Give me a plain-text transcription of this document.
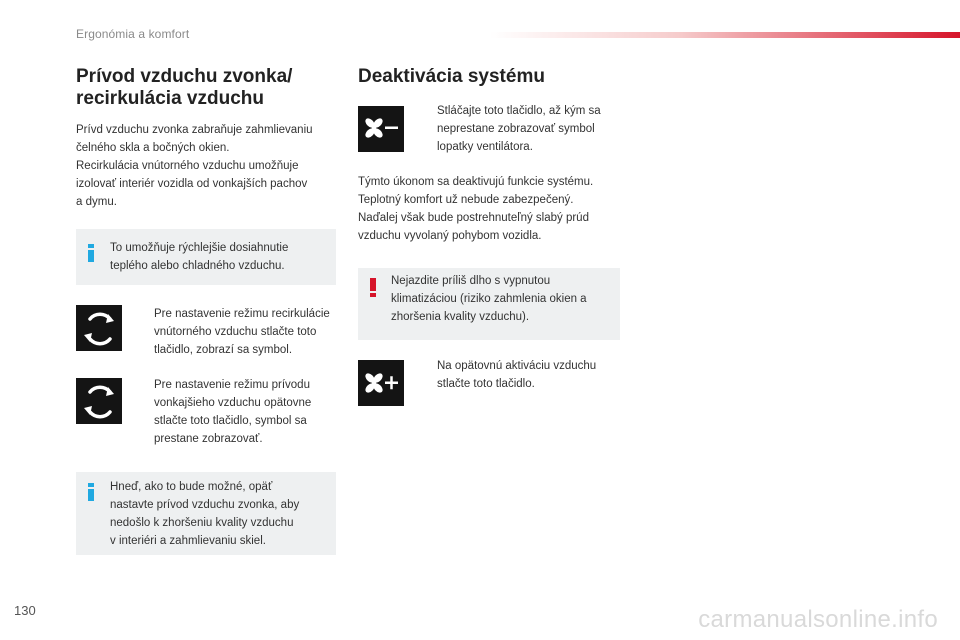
Ergonómia a komfort
Prívod vzduchu zvonka/
recirkulácia vzduchu

Prívd vzduchu zvonka zabraňuje zahmlievaniu
čelného skla a bočných okien.
Recirkulácia vnútorného vzduchu umožňuje
izolovať interiér vozidla od vonkajších pachov
a dymu.

To umožňuje rýchlejšie dosiahnutie
teplého alebo chladného vzduchu.
Pre nastavenie režimu recirkulácie
vnútorného vzduchu stlačte toto
tlačidlo, zobrazí sa symbol.
Pre nastavenie režimu prívodu
vonkajšieho vzduchu opätovne
stlačte toto tlačidlo, symbol sa
prestane zobrazovať.
Hneď, ako to bude možné, opäť
nastavte prívod vzduchu zvonka, aby
nedošlo k zhoršeniu kvality vzduchu
v interiéri a zahmlievaniu skiel.
Deaktivácia systému
Stláčajte toto tlačidlo, až kým sa
neprestane zobrazovať symbol
lopatky ventilátora.

Týmto úkonom sa deaktivujú funkcie systému.
Teplotný komfort už nebude zabezpečený.
Naďalej však bude postrehnuteľný slabý prúd
vzduchu vyvolaný pohybom vozidla.

Nejazdite príliš dlho s vypnutou
klimatizáciou (riziko zahmlenia okien a
zhoršenia kvality vzduchu).
Na opätovnú aktiváciu vzduchu
stlačte toto tlačidlo.
130	carmanualsonline.info
